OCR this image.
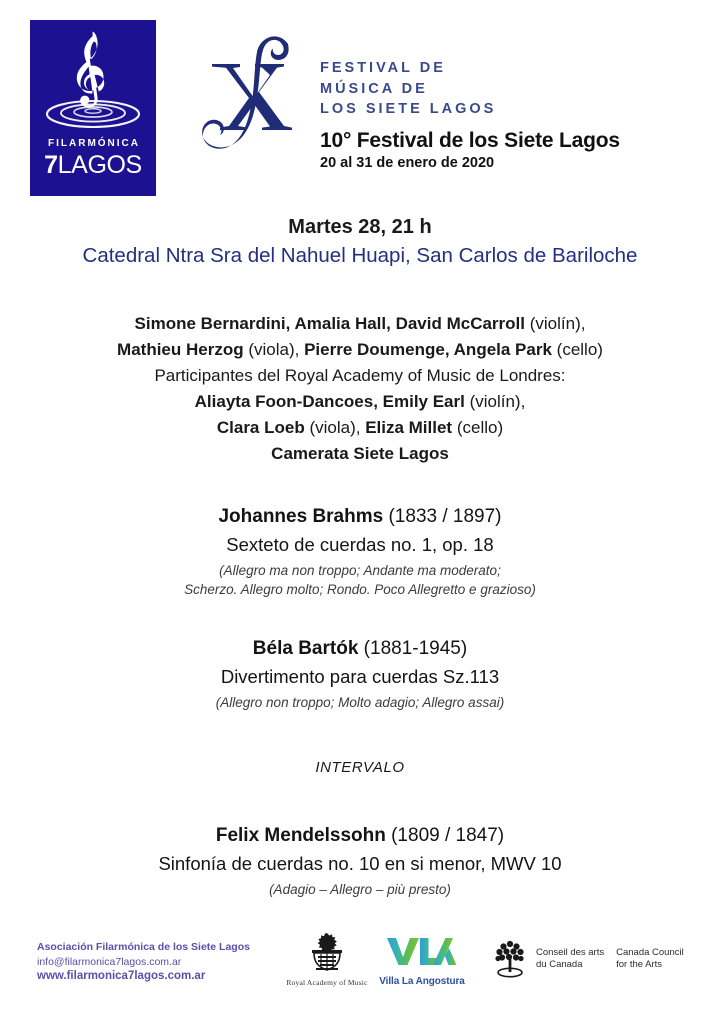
FILARMÓNICA
7LAGOS
FESTIVAL DE
MÚSICA DE
LOS SIETE LAGOS
10° Festival de los Siete Lagos
20 al 31 de enero de 2020
Martes 28, 21 h
Catedral Ntra Sra del Nahuel Huapi, San Carlos de Bariloche
Simone Bernardini, Amalia Hall, David McCarroll (violín),
Mathieu Herzog (viola), Pierre Doumenge, Angela Park (cello)
Participantes del Royal Academy of Music de Londres:
Aliayta Foon-Dancoes, Emily Earl (violín),
Clara Loeb (viola), Eliza Millet (cello)
Camerata Siete Lagos
Johannes Brahms (1833 / 1897)
Sexteto de cuerdas no. 1, op. 18
(Allegro ma non troppo; Andante ma moderato;
Scherzo. Allegro molto; Rondo. Poco Allegretto e grazioso)
Béla Bartók (1881-1945)
Divertimento para cuerdas Sz.113
(Allegro non troppo; Molto adagio; Allegro assai)
INTERVALO
Felix Mendelssohn (1809 / 1847)
Sinfonía de cuerdas no. 10 en si menor, MWV 10
(Adagio – Allegro – più presto)
Asociación Filarmónica de los Siete Lagos
info@filarmonica7lagos.com.ar
www.filarmonica7lagos.com.ar
Royal Academy of Music	Villa La Angostura
Conseil des arts
du Canada
Canada Council
for the Arts
